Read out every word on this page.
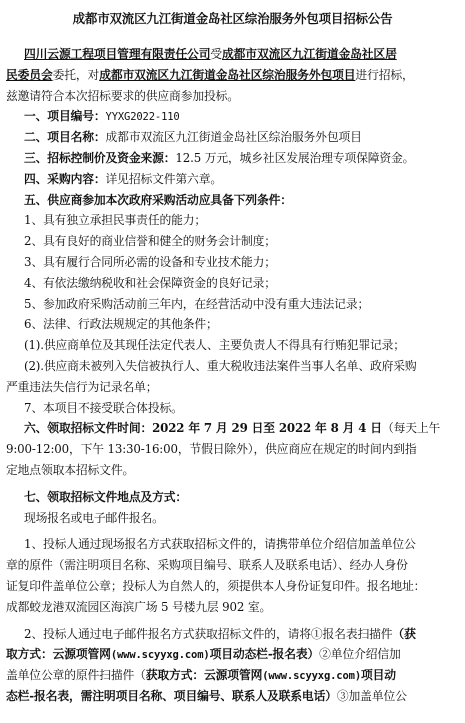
成都市双流区九江街道金岛社区综治服务外包项目招标公告
四川云源工程项目管理有限责任公司受成都市双流区九江街道金岛社区居
民委员会委托，对成都市双流区九江街道金岛社区综治服务外包项目进行招标，
兹邀请符合本次招标要求的供应商参加投标。
一、项目编号：YYXG2022-110
二、项目名称：成都市双流区九江街道金岛社区综治服务外包项目
三、招标控制价及资金来源：12.5 万元，城乡社区发展治理专项保障资金。
四、采购内容：详见招标文件第六章。
五、供应商参加本次政府采购活动应具备下列条件：
1、具有独立承担民事责任的能力；
2、具有良好的商业信誉和健全的财务会计制度；
3、具有履行合同所必需的设备和专业技术能力；
4、有依法缴纳税收和社会保障资金的良好记录；
5、参加政府采购活动前三年内，在经营活动中没有重大违法记录；
6、法律、行政法规规定的其他条件；
(1).供应商单位及其现任法定代表人、主要负责人不得具有行贿犯罪记录；
(2).供应商未被列入失信被执行人、重大税收违法案件当事人名单、政府采购
严重违法失信行为记录名单；
7、本项目不接受联合体投标。
六、领取招标文件时间：2022 年 7 月 29 日至 2022 年 8 月 4 日（每天上午
9:00-12:00，下午 13:30-16:00，节假日除外），供应商应在规定的时间内到指
定地点领取本招标文件。
七、领取招标文件地点及方式：
现场报名或电子邮件报名。
1、投标人通过现场报名方式获取招标文件的，请携带单位介绍信加盖单位公
章的原件（需注明项目名称、采购项目编号、联系人及联系电话）、经办人身份
证复印件盖单位公章；投标人为自然人的，须提供本人身份证复印件。报名地址：
成都蛟龙港双流园区海滨广场 5 号楼九层 902 室。
2、投标人通过电子邮件报名方式获取招标文件的，请将①报名表扫描件（获
取方式：云源项管网(www.scyyxg.com)项目动态栏-报名表）②单位介绍信加
盖单位公章的原件扫描件（获取方式：云源项管网(www.scyyxg.com)项目动
态栏-报名表，需注明项目名称、项目编号、联系人及联系电话）③加盖单位公
